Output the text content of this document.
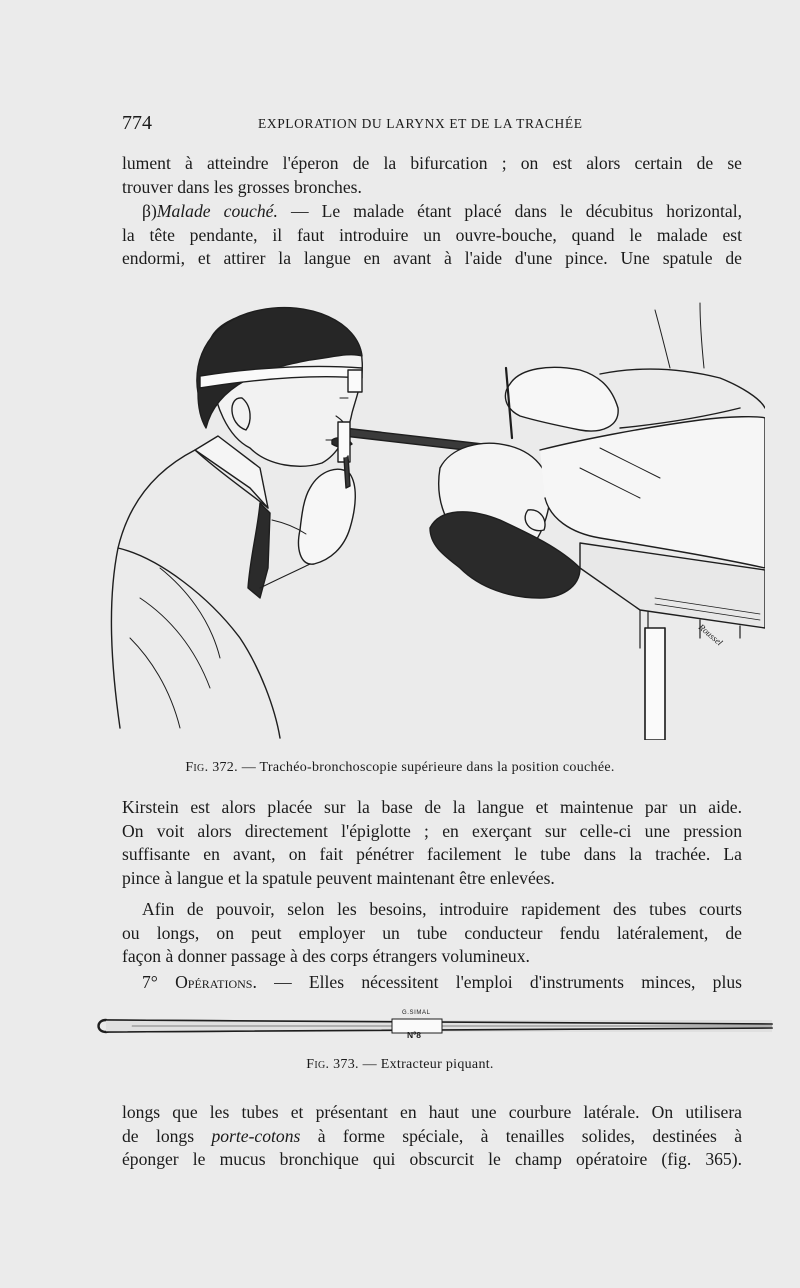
774	EXPLORATION DU LARYNX ET DE LA TRACHÉE
lument à atteindre l'éperon de la bifurcation ; on est alors certain de se
trouver dans les grosses bronches.
β)Malade couché. — Le malade étant placé dans le décubitus horizontal,
la tête pendante, il faut introduire un ouvre-bouche, quand le malade est
endormi, et attirer la langue en avant à l'aide d'une pince. Une spatule de
Roussel
Fig. 372. — Trachéo-bronchoscopie supérieure dans la position couchée.
Kirstein est alors placée sur la base de la langue et maintenue par un aide.
On voit alors directement l'épiglotte ; en exerçant sur celle-ci une pression
suffisante en avant, on fait pénétrer facilement le tube dans la trachée. La
pince à langue et la spatule peuvent maintenant être enlevées.
Afin de pouvoir, selon les besoins, introduire rapidement des tubes courts
ou longs, on peut employer un tube conducteur fendu latéralement, de
façon à donner passage à des corps étrangers volumineux.
7° Opérations. — Elles nécessitent l'emploi d'instruments minces, plus
G.SIMAL
Nº8
Fig. 373. — Extracteur piquant.
longs que les tubes et présentant en haut une courbure latérale. On utilisera
de longs porte-cotons à forme spéciale, à tenailles solides, destinées à
éponger le mucus bronchique qui obscurcit le champ opératoire (fig. 365).
